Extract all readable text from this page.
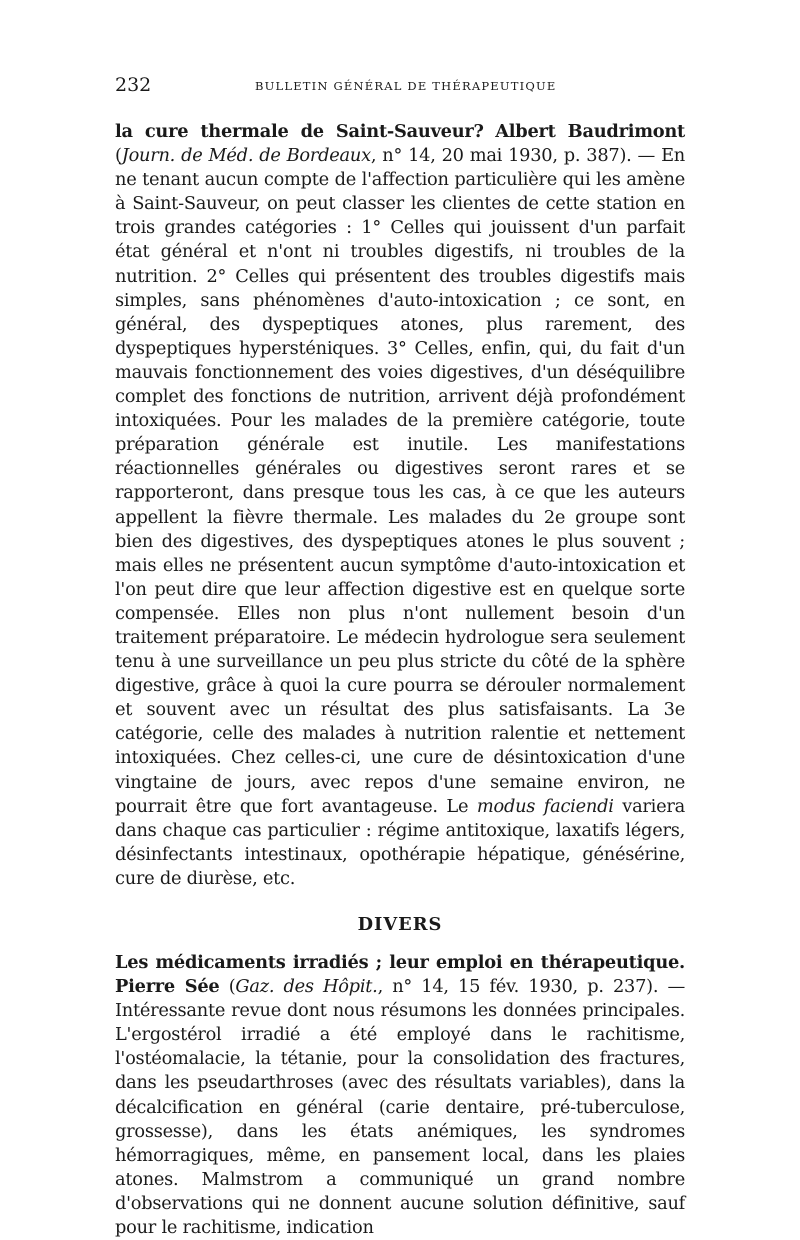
232	BULLETIN GÉNÉRAL DE THÉRAPEUTIQUE

la cure thermale de Saint-Sauveur? Albert Baudrimont (Journ. de Méd. de Bordeaux, n° 14, 20 mai 1930, p. 387). — En ne tenant aucun compte de l'affection particulière qui les amène à Saint-Sauveur, on peut classer les clientes de cette station en trois grandes catégories : 1° Celles qui jouissent d'un parfait état général et n'ont ni troubles digestifs, ni troubles de la nutrition. 2° Celles qui présentent des troubles digestifs mais simples, sans phénomènes d'auto-intoxication ; ce sont, en général, des dyspeptiques atones, plus rarement, des dyspeptiques hypersténiques. 3° Celles, enfin, qui, du fait d'un mauvais fonctionnement des voies digestives, d'un déséquilibre complet des fonctions de nutrition, arrivent déjà profondément intoxiquées. Pour les malades de la première catégorie, toute préparation générale est inutile. Les manifestations réactionnelles générales ou digestives seront rares et se rapporteront, dans presque tous les cas, à ce que les auteurs appellent la fièvre thermale. Les malades du 2e groupe sont bien des digestives, des dyspeptiques atones le plus souvent ; mais elles ne présentent aucun symptôme d'auto-intoxication et l'on peut dire que leur affection digestive est en quelque sorte compensée. Elles non plus n'ont nullement besoin d'un traitement préparatoire. Le médecin hydrologue sera seulement tenu à une surveillance un peu plus stricte du côté de la sphère digestive, grâce à quoi la cure pourra se dérouler normalement et souvent avec un résultat des plus satisfaisants. La 3e catégorie, celle des malades à nutrition ralentie et nettement intoxiquées. Chez celles-ci, une cure de désintoxication d'une vingtaine de jours, avec repos d'une semaine environ, ne pourrait être que fort avantageuse. Le modus faciendi variera dans chaque cas particulier : régime antitoxique, laxatifs légers, désinfectants intestinaux, opothérapie hépatique, génésérine, cure de diurèse, etc.

DIVERS

Les médicaments irradiés ; leur emploi en thérapeutique. Pierre Sée (Gaz. des Hôpit., n° 14, 15 fév. 1930, p. 237). — Intéressante revue dont nous résumons les données principales. L'ergostérol irradié a été employé dans le rachitisme, l'ostéomalacie, la tétanie, pour la consolidation des fractures, dans les pseudarthroses (avec des résultats variables), dans la décalcification en général (carie dentaire, pré-tuberculose, grossesse), dans les états anémiques, les syndromes hémorragiques, même, en pansement local, dans les plaies atones. Malmstrom a communiqué un grand nombre d'observations qui ne donnent aucune solution définitive, sauf pour le rachitisme, indication
